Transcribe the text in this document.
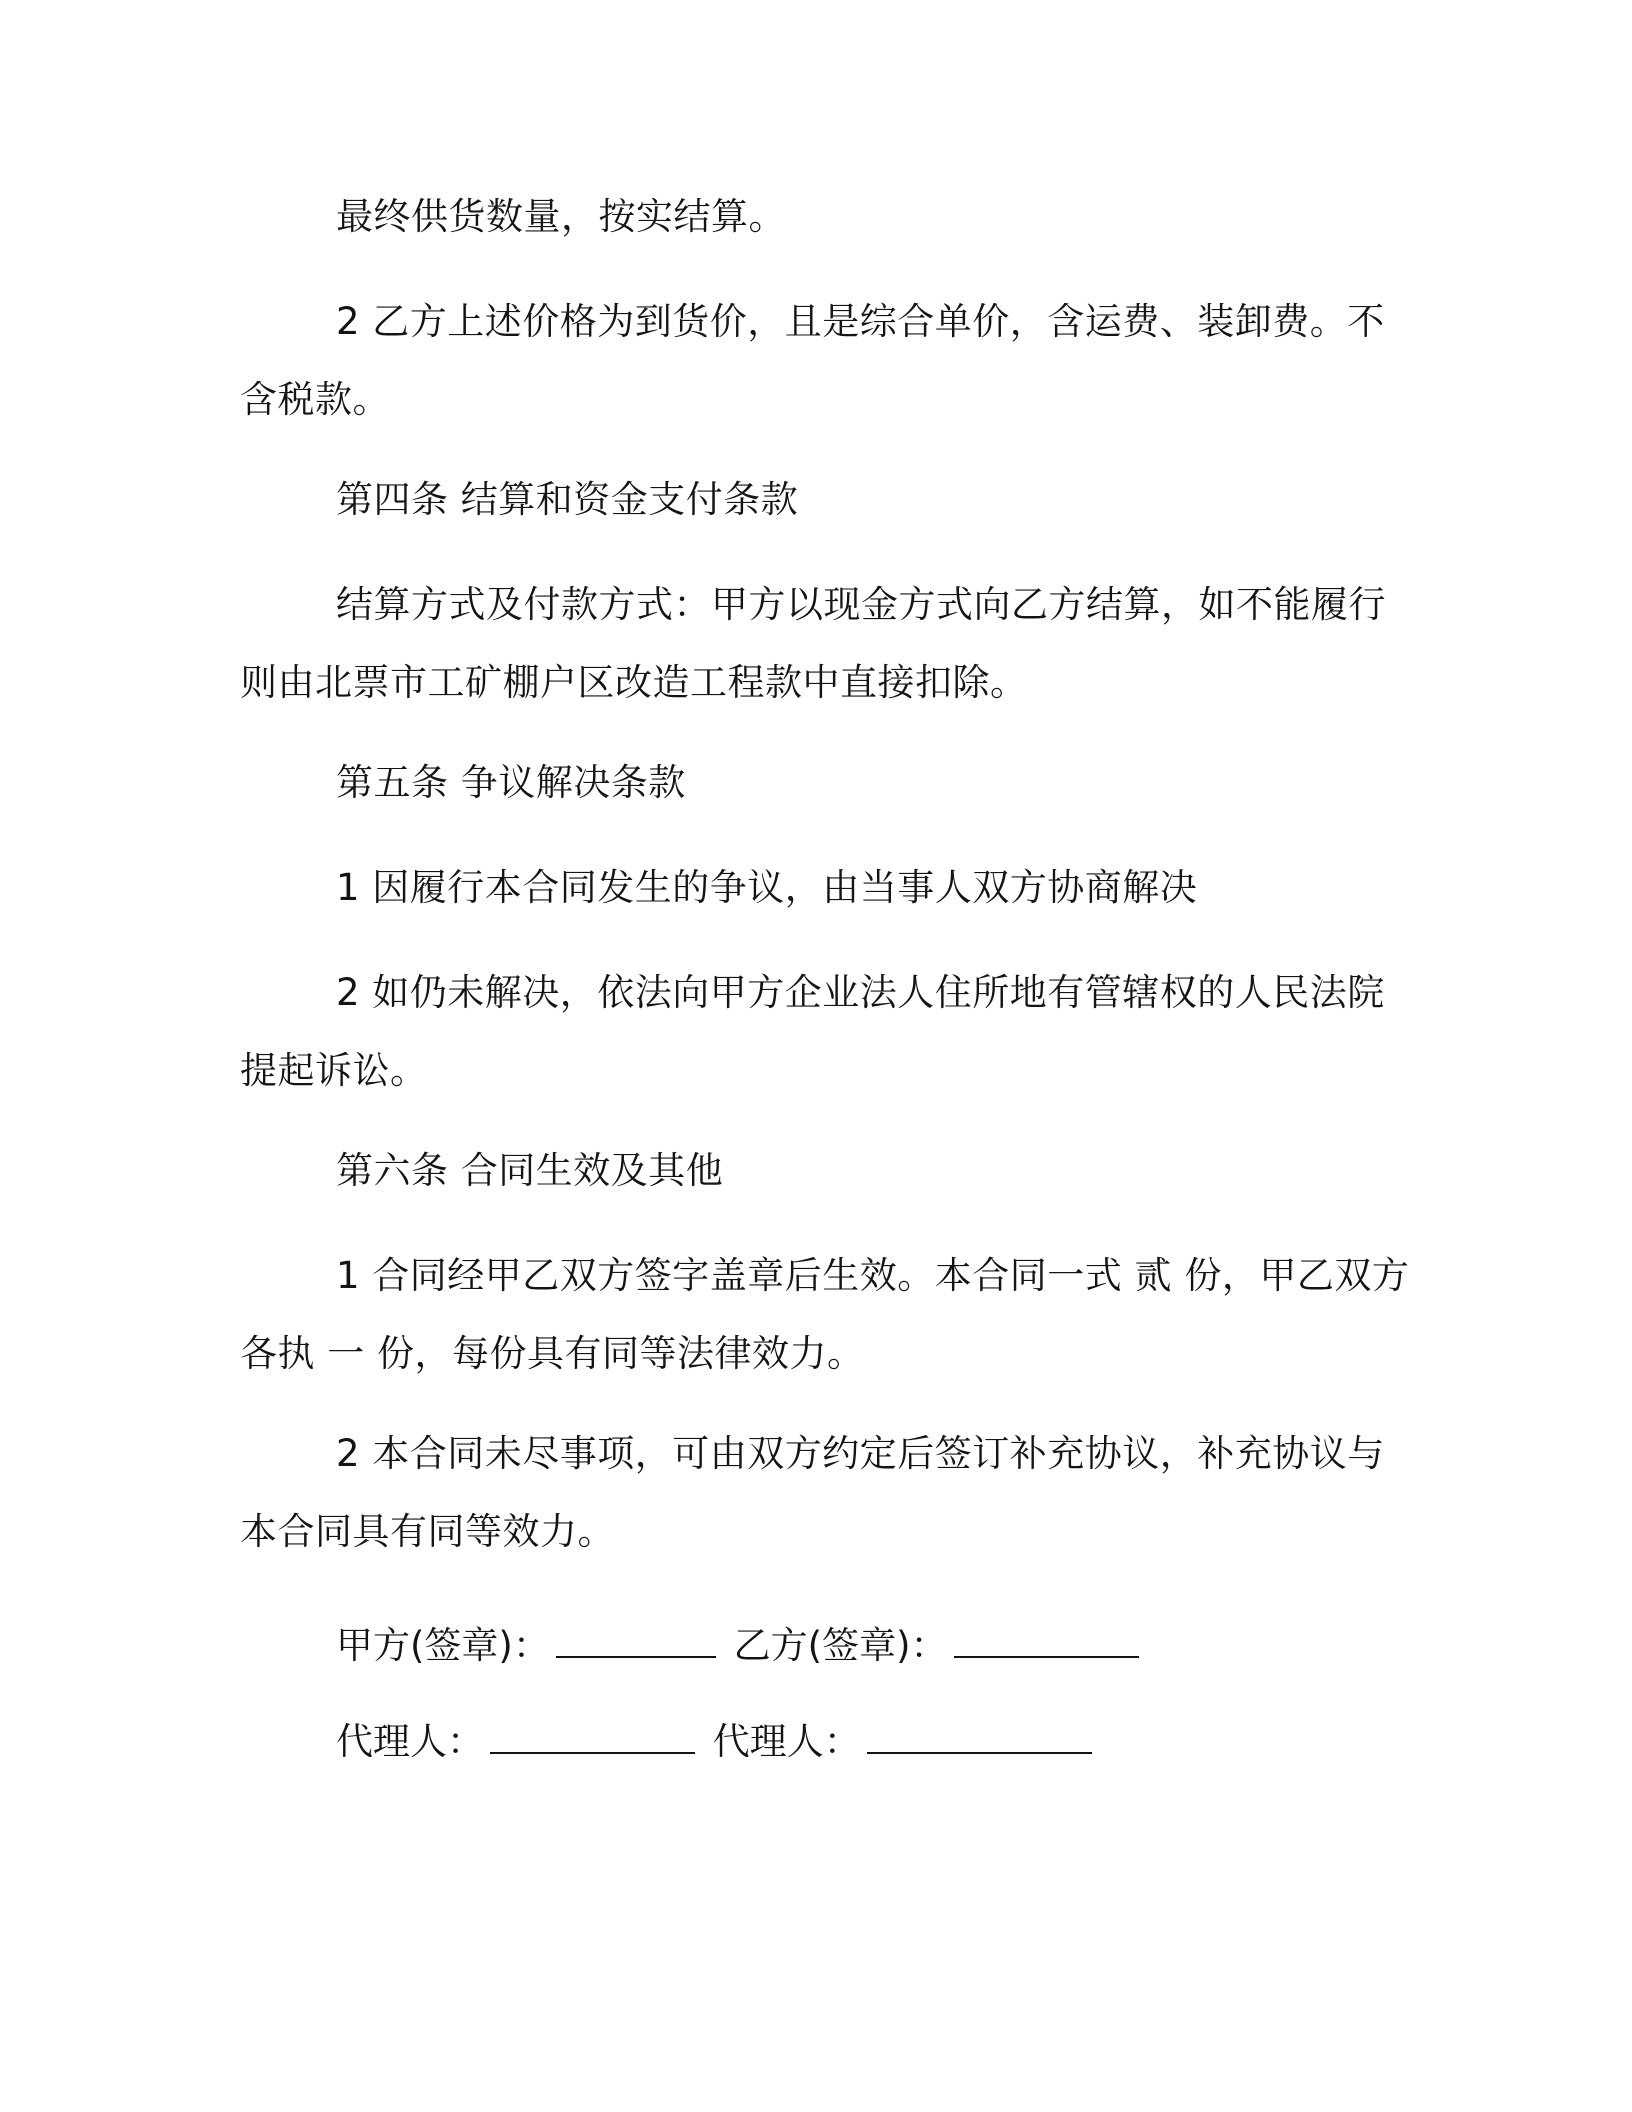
最终供货数量，按实结算。
2 乙方上述价格为到货价，且是综合单价，含运费、装卸费。不
含税款。
第四条 结算和资金支付条款
结算方式及付款方式：甲方以现金方式向乙方结算，如不能履行
则由北票市工矿棚户区改造工程款中直接扣除。
第五条 争议解决条款
1 因履行本合同发生的争议，由当事人双方协商解决
2 如仍未解决，依法向甲方企业法人住所地有管辖权的人民法院
提起诉讼。
第六条 合同生效及其他
1 合同经甲乙双方签字盖章后生效。本合同一式 贰 份，甲乙双方
各执 一 份，每份具有同等法律效力。
2 本合同未尽事项，可由双方约定后签订补充协议，补充协议与
本合同具有同等效力。
甲方(签章)：	乙方(签章)：
代理人：	代理人：
